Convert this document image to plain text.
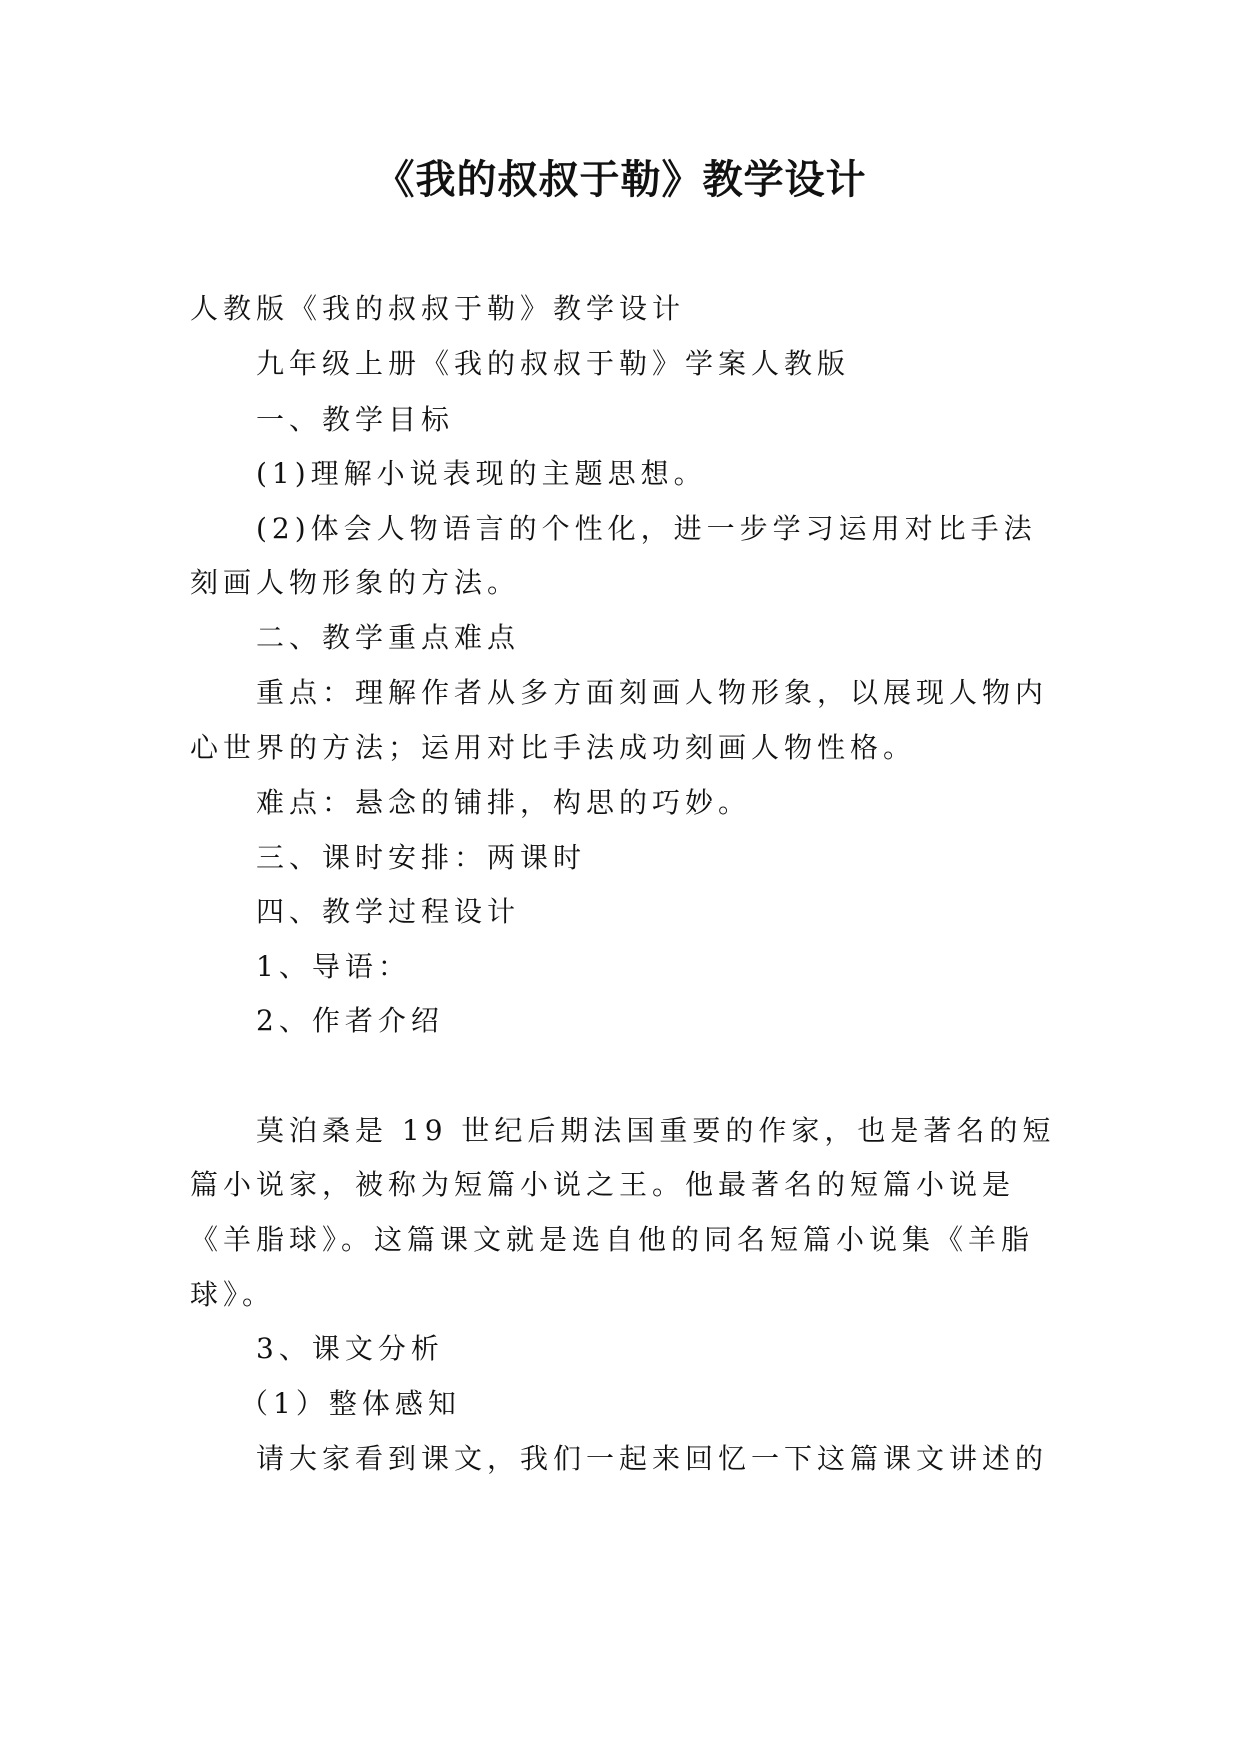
《我的叔叔于勒》教学设计
人教版《我的叔叔于勒》教学设计
九年级上册《我的叔叔于勒》学案人教版
一、教学目标
(1)理解小说表现的主题思想。
(2)体会人物语言的个性化，进一步学习运用对比手法
刻画人物形象的方法。
二、教学重点难点
重点：理解作者从多方面刻画人物形象，以展现人物内
心世界的方法；运用对比手法成功刻画人物性格。
难点：悬念的铺排，构思的巧妙。
三、课时安排：两课时
四、教学过程设计
1、导语：
2、作者介绍
莫泊桑是 19 世纪后期法国重要的作家，也是著名的短
篇小说家，被称为短篇小说之王。他最著名的短篇小说是
《羊脂球》。这篇课文就是选自他的同名短篇小说集《羊脂
球》。
3、课文分析
（1）整体感知
请大家看到课文，我们一起来回忆一下这篇课文讲述的
